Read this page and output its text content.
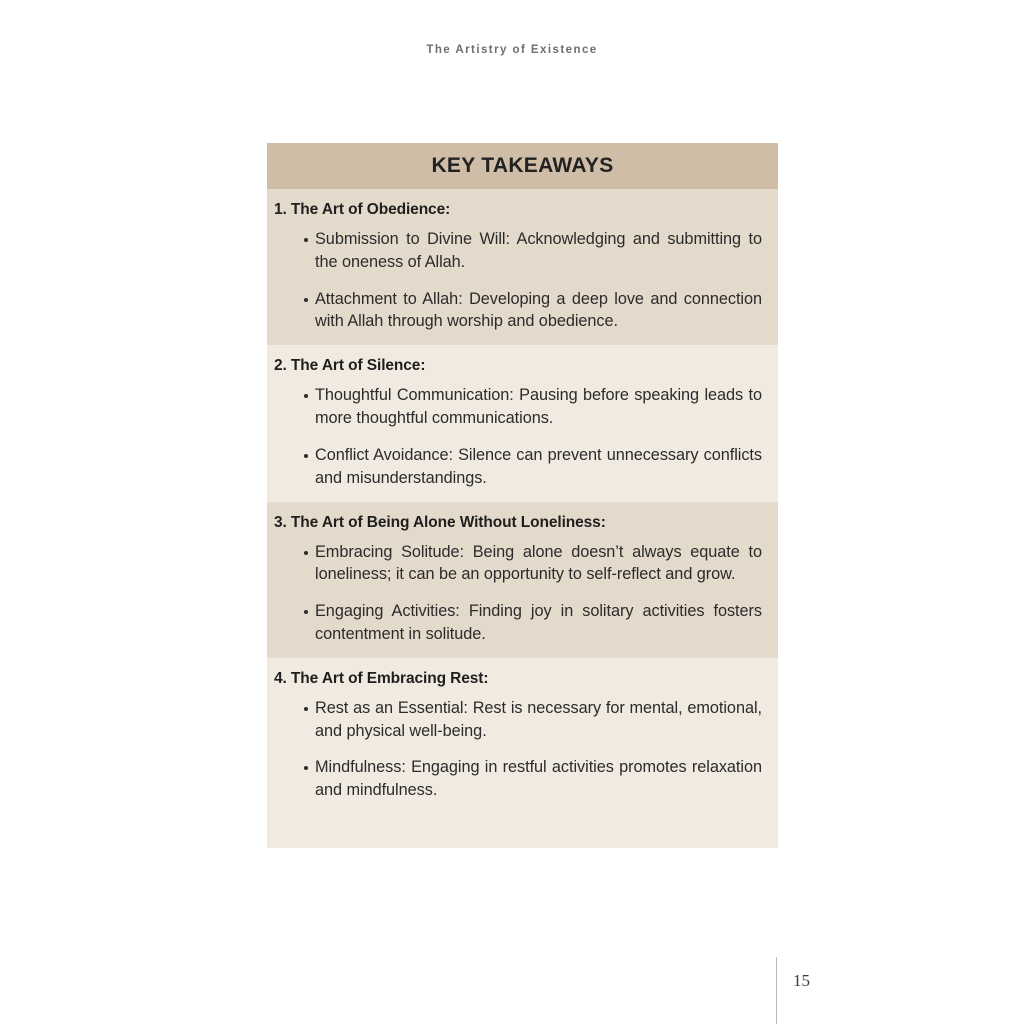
The Artistry of Existence
KEY TAKEAWAYS
1. The Art of Obedience:
Submission to Divine Will: Acknowledging and submitting to the oneness of Allah.
Attachment to Allah: Developing a deep love and connection with Allah through worship and obedience.
2. The Art of Silence:
Thoughtful Communication: Pausing before speaking leads to more thoughtful communications.
Conflict Avoidance: Silence can prevent unnecessary conflicts and misunderstandings.
3. The Art of Being Alone Without Loneliness:
Embracing Solitude: Being alone doesn’t always equate to loneliness; it can be an opportunity to self-reflect and grow.
Engaging Activities: Finding joy in solitary activities fosters contentment in solitude.
4. The Art of Embracing Rest:
Rest as an Essential: Rest is necessary for mental, emotional, and physical well-being.
Mindfulness: Engaging in restful activities promotes relaxation and mindfulness.
15
